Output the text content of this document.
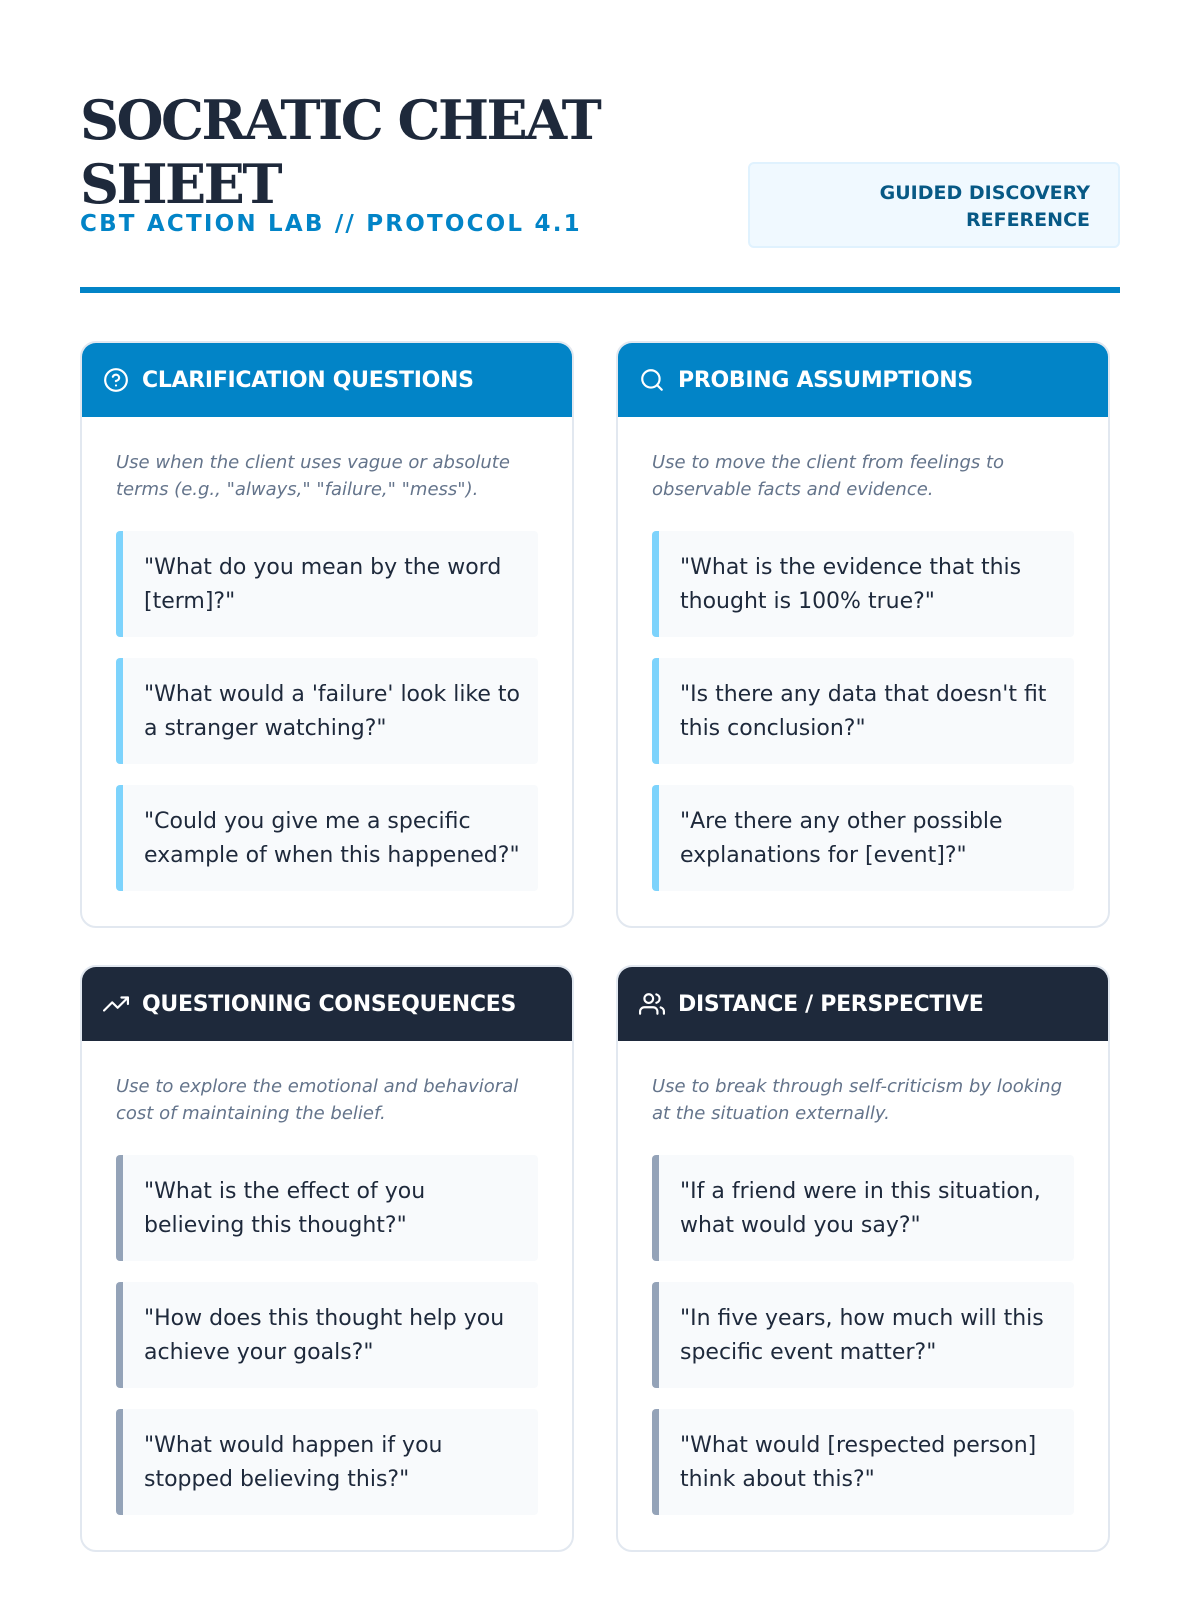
SOCRATIC CHEAT SHEET
CBT ACTION LAB // PROTOCOL 4.1
GUIDED DISCOVERY
REFERENCE
CLARIFICATION QUESTIONS
Use when the client uses vague or absolute terms (e.g., "always," "failure," "mess").
"What do you mean by the word [term]?"
"What would a 'failure' look like to a stranger watching?"
"Could you give me a specific example of when this happened?"
PROBING ASSUMPTIONS
Use to move the client from feelings to observable facts and evidence.
"What is the evidence that this thought is 100% true?"
"Is there any data that doesn't fit this conclusion?"
"Are there any other possible explanations for [event]?"
QUESTIONING CONSEQUENCES
Use to explore the emotional and behavioral cost of maintaining the belief.
"What is the effect of you believing this thought?"
"How does this thought help you achieve your goals?"
"What would happen if you stopped believing this?"
DISTANCE / PERSPECTIVE
Use to break through self-criticism by looking at the situation externally.
"If a friend were in this situation, what would you say?"
"In five years, how much will this specific event matter?"
"What would [respected person] think about this?"
